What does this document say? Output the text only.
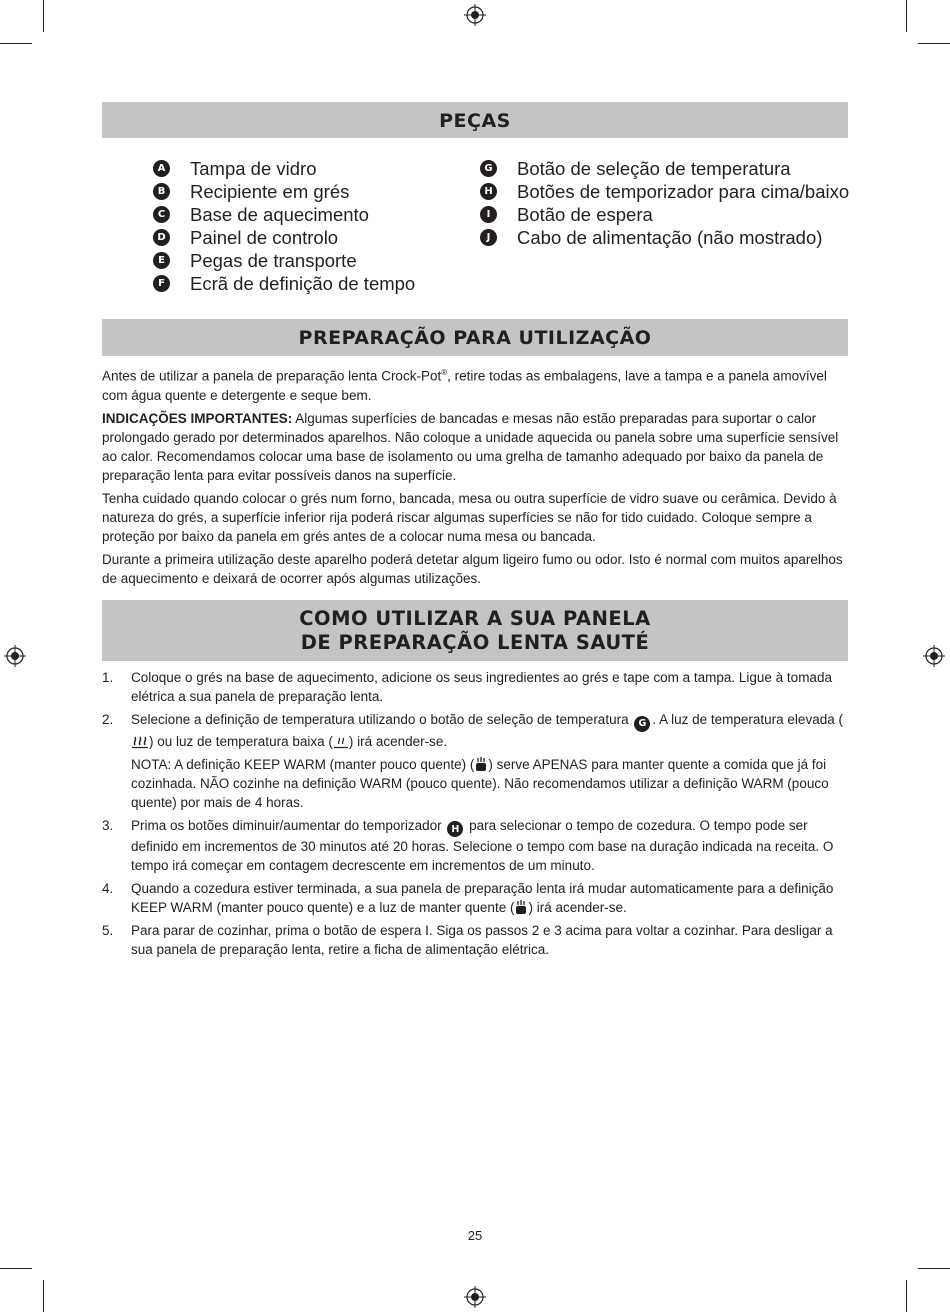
PEÇAS
A Tampa de vidro
B Recipiente em grés
C Base de aquecimento
D Painel de controlo
E Pegas de transporte
F Ecrã de definição de tempo
G Botão de seleção de temperatura
H Botões de temporizador para cima/baixo
I	Botão de espera
J	Cabo de alimentação (não mostrado)
PREPARAÇÃO PARA UTILIZAÇÃO

Antes de utilizar a panela de preparação lenta Crock-Pot®, retire todas as embalagens, lave a tampa e a panela amovível com água quente e detergente e seque bem.

INDICAÇÕES IMPORTANTES: Algumas superfícies de bancadas e mesas não estão preparadas para suportar o calor prolongado gerado por determinados aparelhos. Não coloque a unidade aquecida ou panela sobre uma superfície sensível ao calor. Recomendamos colocar uma base de isolamento ou uma grelha de tamanho adequado por baixo da panela de preparação lenta para evitar possíveis danos na superfície.

Tenha cuidado quando colocar o grés num forno, bancada, mesa ou outra superfície de vidro suave ou cerâmica. Devido à natureza do grés, a superfície inferior rija poderá riscar algumas superfícies se não for tido cuidado. Coloque sempre a proteção por baixo da panela em grés antes de a colocar numa mesa ou bancada.

Durante a primeira utilização deste aparelho poderá detetar algum ligeiro fumo ou odor. Isto é normal com muitos aparelhos de aquecimento e deixará de ocorrer após algumas utilizações.

COMO UTILIZAR A SUA PANELA
DE PREPARAÇÃO LENTA SAUTÉ
1. Coloque o grés na base de aquecimento, adicione os seus ingredientes ao grés e tape com a tampa. Ligue à tomada elétrica a sua panela de preparação lenta.

2. Selecione a definição de temperatura utilizando o botão de seleção de temperatura G . A luz de temperatura elevada () ou luz de temperatura baixa ( ) irá acender-se.

NOTA: A definição KEEP WARM (manter pouco quente) ( ) serve APENAS para manter quente a comida que já foi cozinhada. NÃO cozinhe na definição WARM (pouco quente). Não recomendamos utilizar a definição WARM (pouco quente) por mais de 4 horas.

3. Prima os botões diminuir/aumentar do temporizador H para selecionar o tempo de cozedura. O tempo pode ser definido em incrementos de 30 minutos até 20 horas. Selecione o tempo com base na duração indicada na receita. O tempo irá começar em contagem decrescente em incrementos de um minuto.

4. Quando a cozedura estiver terminada, a sua panela de preparação lenta irá mudar automaticamente para a definição KEEP WARM (manter pouco quente) e a luz de manter quente ( ) irá acender-se.

5. Para parar de cozinhar, prima o botão de espera I. Siga os passos 2 e 3 acima para voltar a cozinhar. Para desligar a sua panela de preparação lenta, retire a ficha de alimentação elétrica.

25
